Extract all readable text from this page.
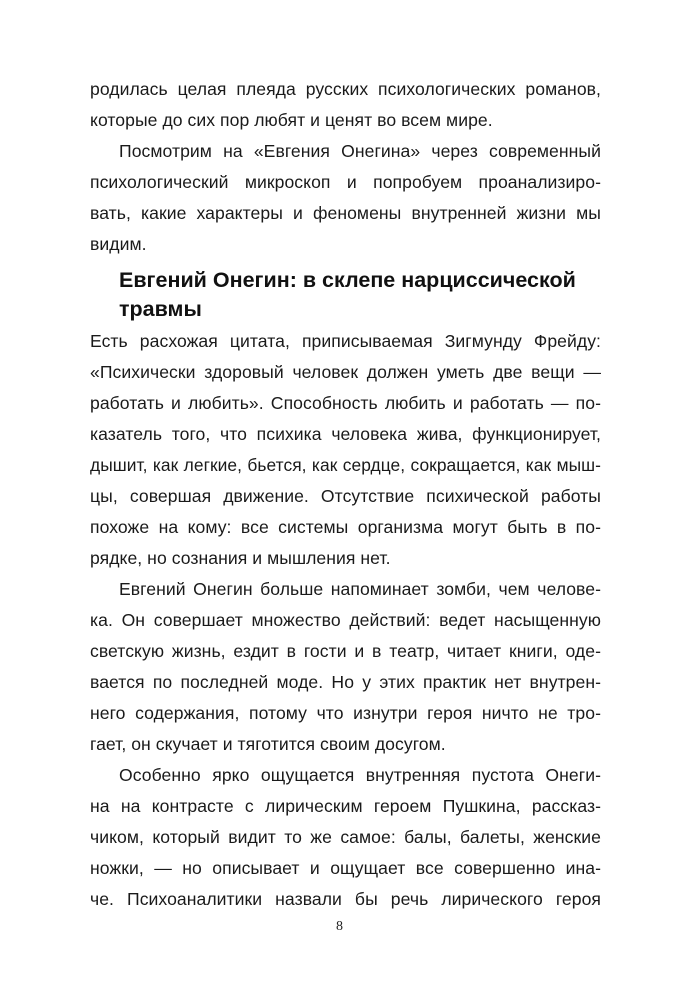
родилась целая плеяда русских психологических романов,
которые до сих пор любят и ценят во всем мире.
Посмотрим на «Евгения Онегина» через современный
психологический микроскоп и попробуем проанализиро-
вать, какие характеры и феномены внутренней жизни мы
видим.
Евгений Онегин: в склепе нарциссической
травмы
Есть расхожая цитата, приписываемая Зигмунду Фрейду:
«Психически здоровый человек должен уметь две вещи —
работать и любить». Способность любить и работать — по-
казатель того, что психика человека жива, функционирует,
дышит, как легкие, бьется, как сердце, сокращается, как мыш-
цы, совершая движение. Отсутствие психической работы
похоже на кому: все системы организма могут быть в по-
рядке, но сознания и мышления нет.
Евгений Онегин больше напоминает зомби, чем челове-
ка. Он совершает множество действий: ведет насыщенную
светскую жизнь, ездит в гости и в театр, читает книги, оде-
вается по последней моде. Но у этих практик нет внутрен-
него содержания, потому что изнутри героя ничто не тро-
гает, он скучает и тяготится своим досугом.
Особенно ярко ощущается внутренняя пустота Онеги-
на на контрасте с лирическим героем Пушкина, рассказ-
чиком, который видит то же самое: балы, балеты, женские
ножки, — но описывает и ощущает все совершенно ина-
че. Психоаналитики назвали бы речь лирического героя
8
